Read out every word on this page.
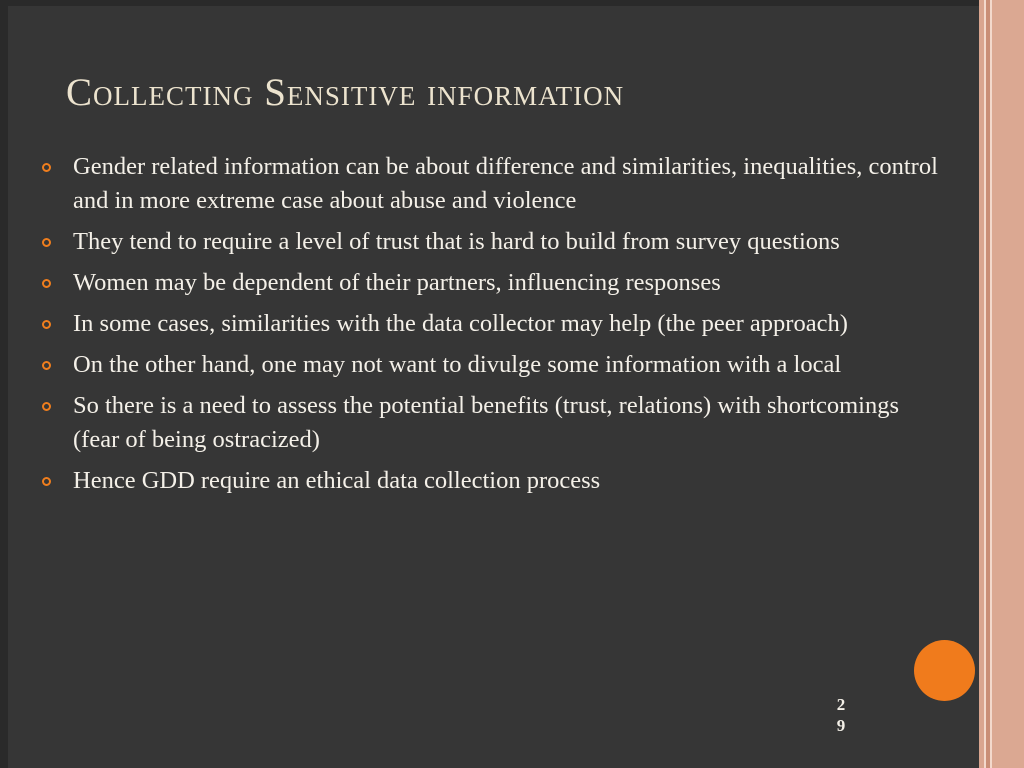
Collecting Sensitive information
Gender related information can be about difference and similarities, inequalities, control and in more extreme case about abuse and violence
They tend to require a level of trust that is hard to build from survey questions
Women may be dependent of their partners, influencing responses
In some cases, similarities with the data collector may help (the peer approach)
On the other hand, one may not want to divulge some information with a local
So there is a need to assess the potential benefits (trust, relations) with shortcomings (fear of being ostracized)
Hence GDD require an ethical data collection process
29
